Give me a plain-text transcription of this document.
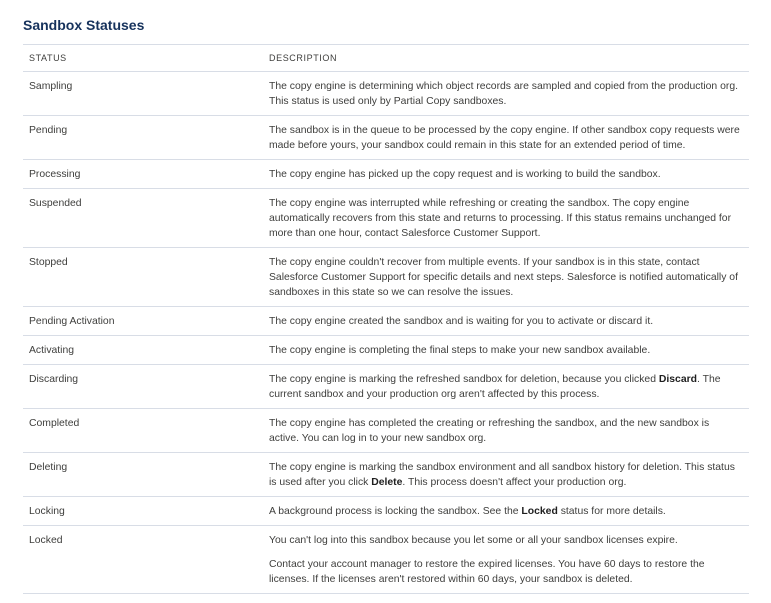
Sandbox Statuses
STATUS	DESCRIPTION
Sampling	The copy engine is determining which object records are sampled and copied from the production org. This status is used only by Partial Copy sandboxes.

Pending	The sandbox is in the queue to be processed by the copy engine. If other sandbox copy requests were made before yours, your sandbox could remain in this state for an extended period of time.

Processing	The copy engine has picked up the copy request and is working to build the sandbox.

Suspended	The copy engine was interrupted while refreshing or creating the sandbox. The copy engine automatically recovers from this state and returns to processing. If this status remains unchanged for more than one hour, contact Salesforce Customer Support.

Stopped	The copy engine couldn't recover from multiple events. If your sandbox is in this state, contact Salesforce Customer Support for specific details and next steps. Salesforce is notified automatically of sandboxes in this state so we can resolve the issues.

Pending Activation	The copy engine created the sandbox and is waiting for you to activate or discard it.

Activating	The copy engine is completing the final steps to make your new sandbox available.

Discarding	The copy engine is marking the refreshed sandbox for deletion, because you clicked Discard. The current sandbox and your production org aren't affected by this process.

Completed	The copy engine has completed the creating or refreshing the sandbox, and the new sandbox is active. You can log in to your new sandbox org.

Deleting	The copy engine is marking the sandbox environment and all sandbox history for deletion. This status is used after you click Delete. This process doesn't affect your production org.

Locking	A background process is locking the sandbox. See the Locked status for more details.

Locked	You can't log into this sandbox because you let some or all your sandbox licenses expire.
Contact your account manager to restore the expired licenses. You have 60 days to restore the licenses. If the licenses aren't restored within 60 days, your sandbox is deleted.
